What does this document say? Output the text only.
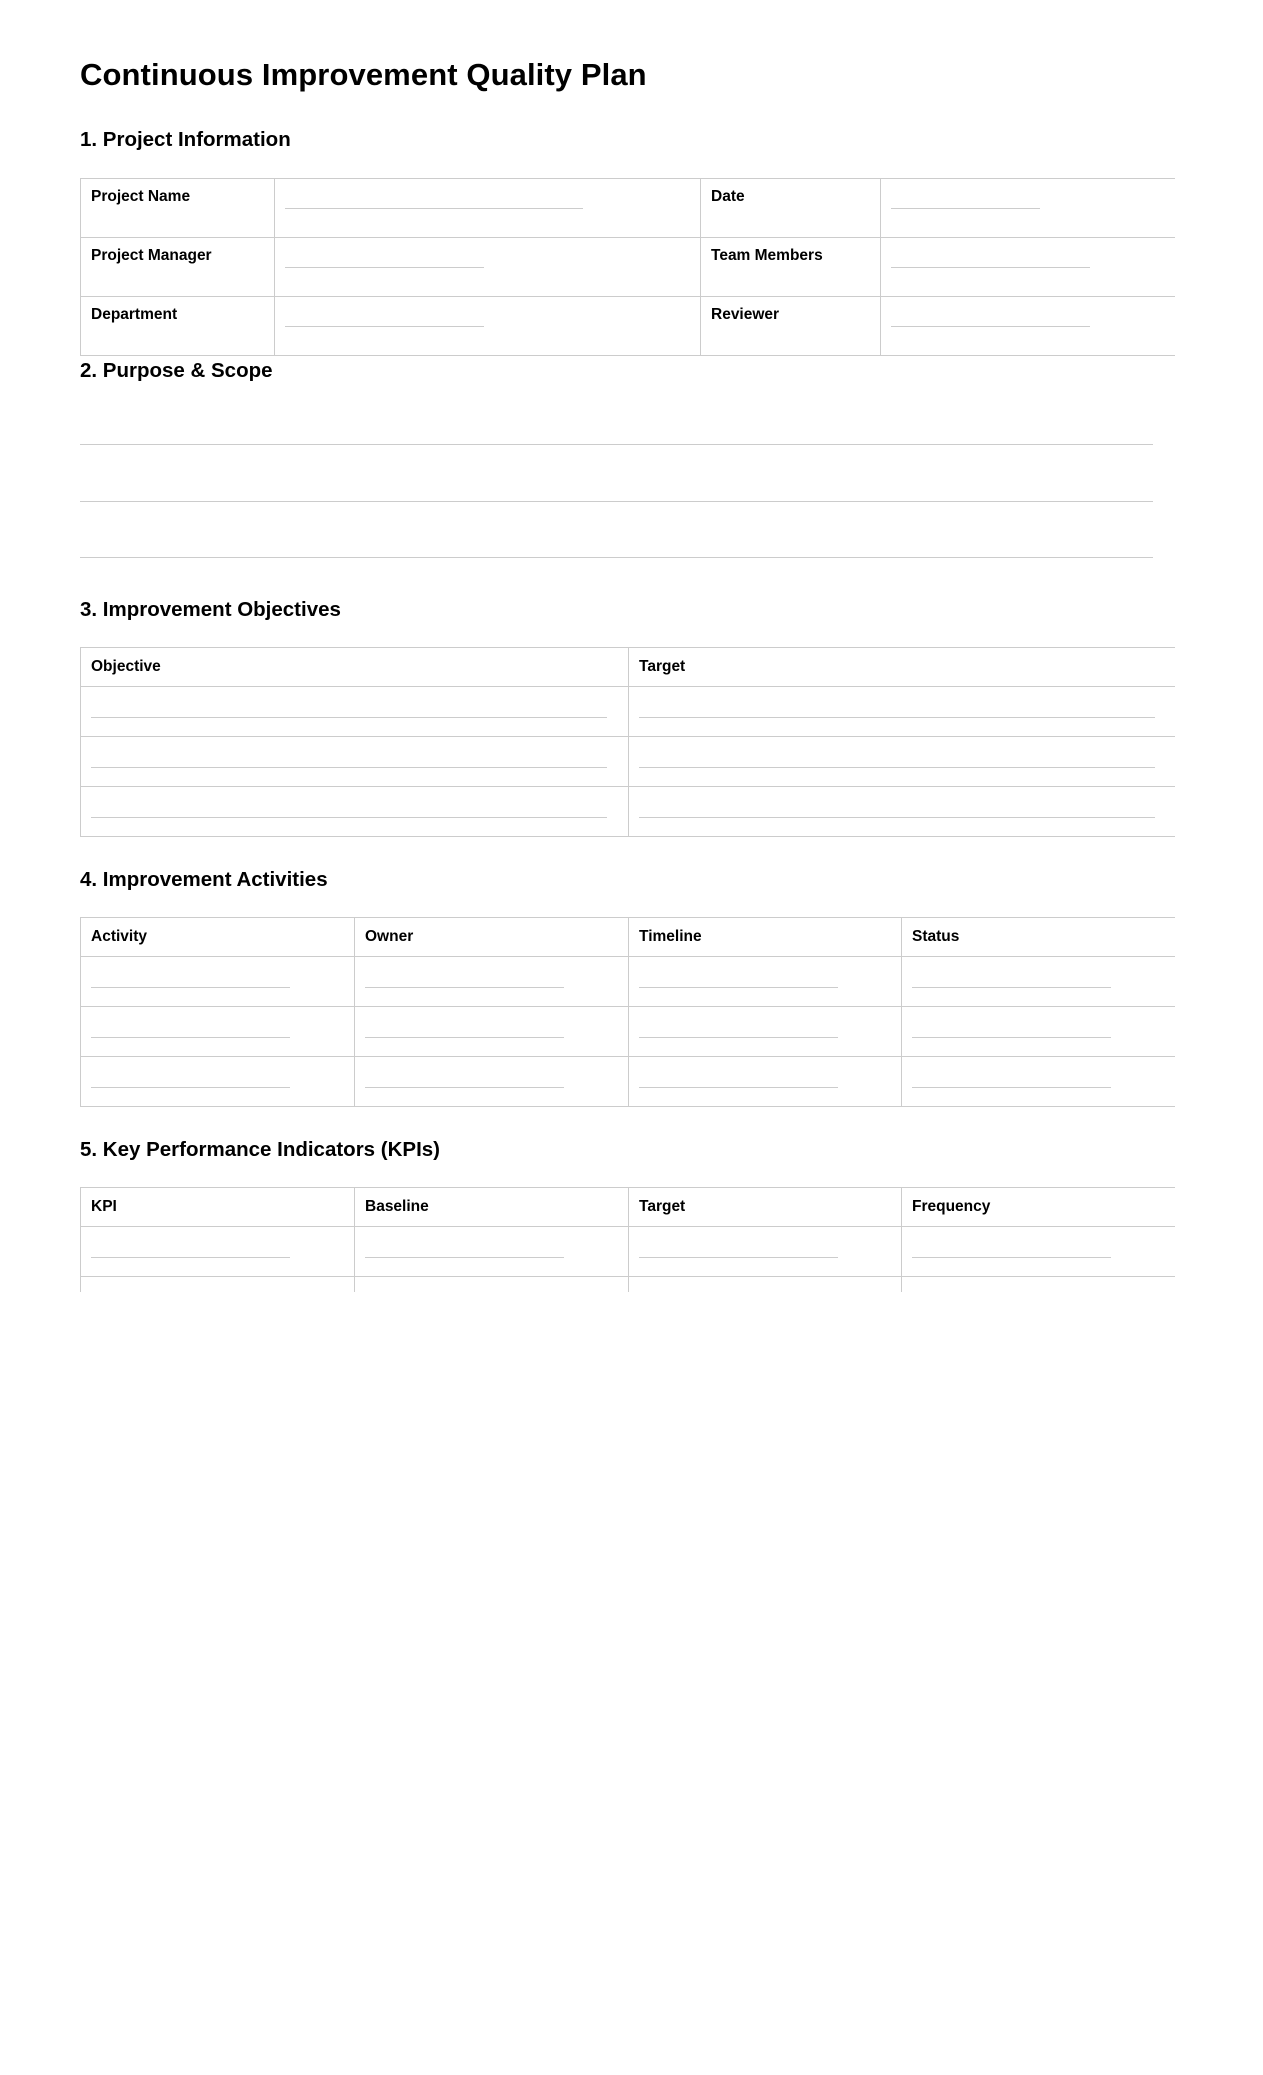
Continuous Improvement Quality Plan
1. Project Information
Project Name		Date	

Project Manager		Team Members	

Department		Reviewer	
2. Purpose & Scope
3. Improvement Objectives
Objective	Target

4. Improvement Activities
Activity	Owner	Timeline	Status

5. Key Performance Indicators (KPIs)
KPI	Baseline	Target	Frequency
